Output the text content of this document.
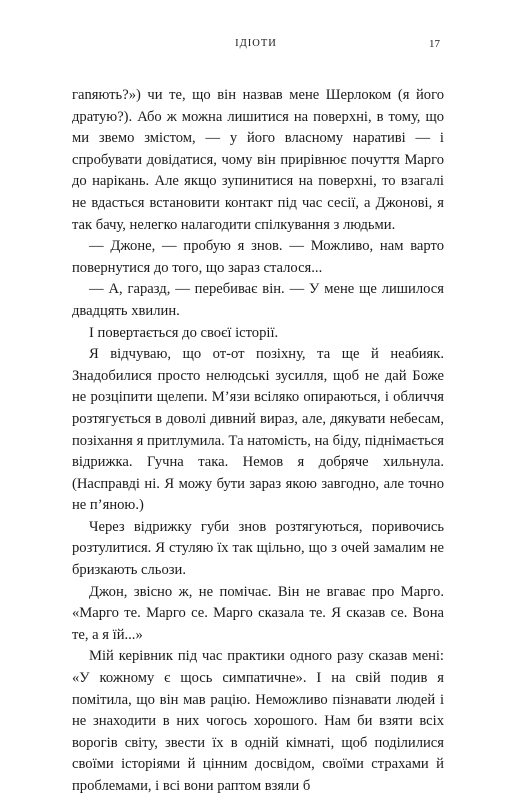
ІДІОТИ	17

гаnяють?») чи те, що він назвав мене Шерлоком (я його дратую?). Або ж можна лишитися на поверхні, в тому, що ми звемо змістом, — у його власному наративі — і спробувати довідатися, чому він прирівнює почуття Марго до нарікань. Але якщо зупинитися на поверхні, то взагалі не вдасться встановити контакт під час сесії, а Джонові, я так бачу, нелегко налагодити спілкування з людьми.

— Джоне, — пробую я знов. — Можливо, нам варто повернутися до того, що зараз сталося...

— А, гаразд, — перебиває він. — У мене ще лишилося двадцять хвилин.

І повертається до своєї історії.

Я відчуваю, що от-от позіхну, та ще й неабияк. Знадобилися просто нелюдські зусилля, щоб не дай Боже не розціпити щелепи. М’язи всіляко опираються, і обличчя розтягується в доволі дивний вираз, але, дякувати небесам, позіхання я притлумила. Та натомість, на біду, піднімається відрижка. Гучна така. Немов я добряче хильнула. (Насправді ні. Я можу бути зараз якою завгодно, але точно не п’яною.)

Через відрижку губи знов розтягуються, поривочись розтулитися. Я стуляю їх так щільно, що з очей замалим не бризкають сльози.

Джон, звісно ж, не помічає. Він не вгаває про Марго. «Марго те. Марго се. Марго сказала те. Я сказав се. Вона те, а я їй...»

Мій керівник під час практики одного разу сказав мені: «У кожному є щось симпатичне». І на свій подив я помітила, що він мав рацію. Неможливо пізнавати людей і не знаходити в них чогось хорошого. Нам би взяти всіх ворогів світу, звести їх в одній кімнаті, щоб поділилися своїми історіями й цінним досвідом, своїми страхами й проблемами, і всі вони раптом взяли б
